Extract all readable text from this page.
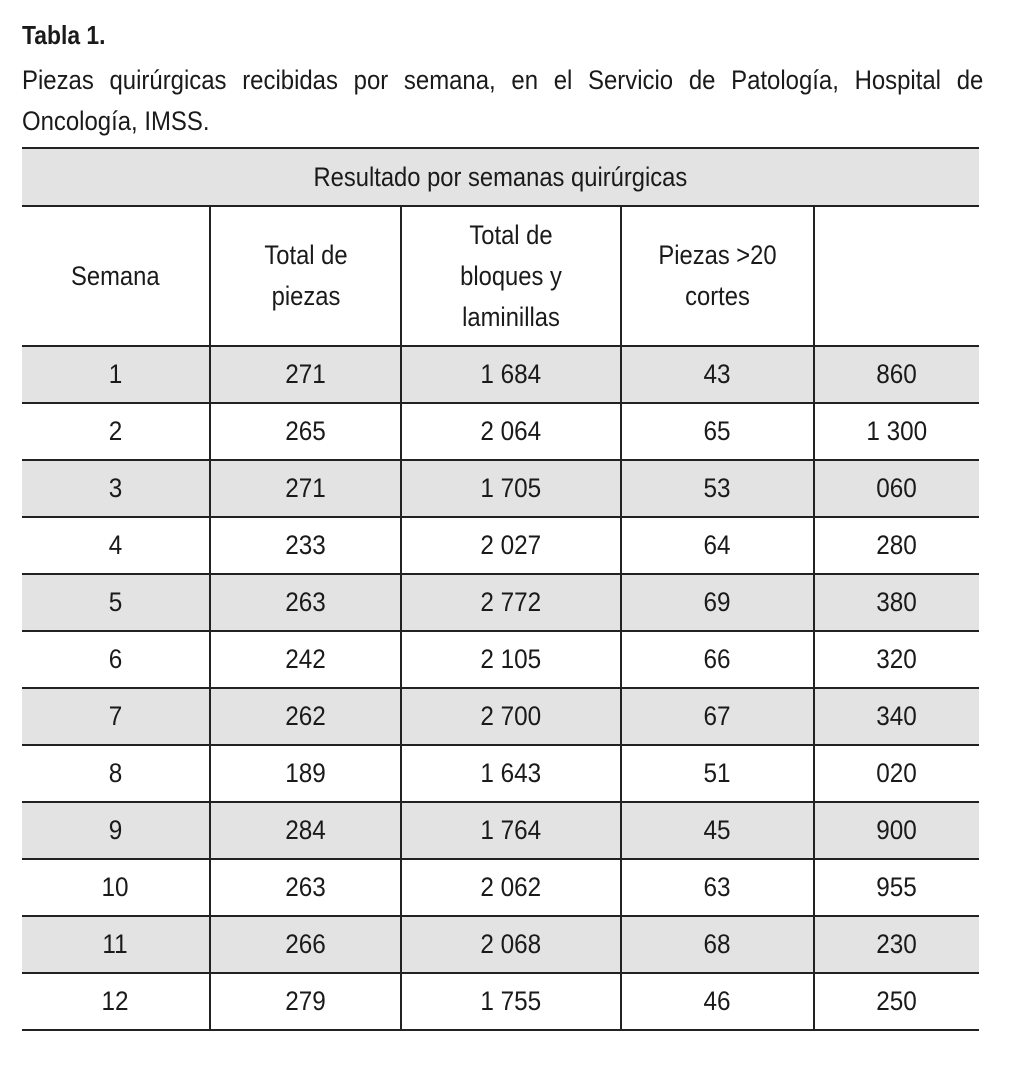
Tabla 1.
Piezas quirúrgicas recibidas por semana, en el Servicio de Patología, Hospital de Oncología, IMSS.
Resultado por semanas quirúrgicas				
Semana	Total de piezas	Total de bloques y laminillas	Piezas >20 cortes	
1	271	1 684	43	860
2	265	2 064	65	1 300
3	271	1 705	53	060
4	233	2 027	64	280
5	263	2 772	69	380
6	242	2 105	66	320
7	262	2 700	67	340
8	189	1 643	51	020
9	284	1 764	45	900
10	263	2 062	63	955
11	266	2 068	68	230
12	279	1 755	46	250
